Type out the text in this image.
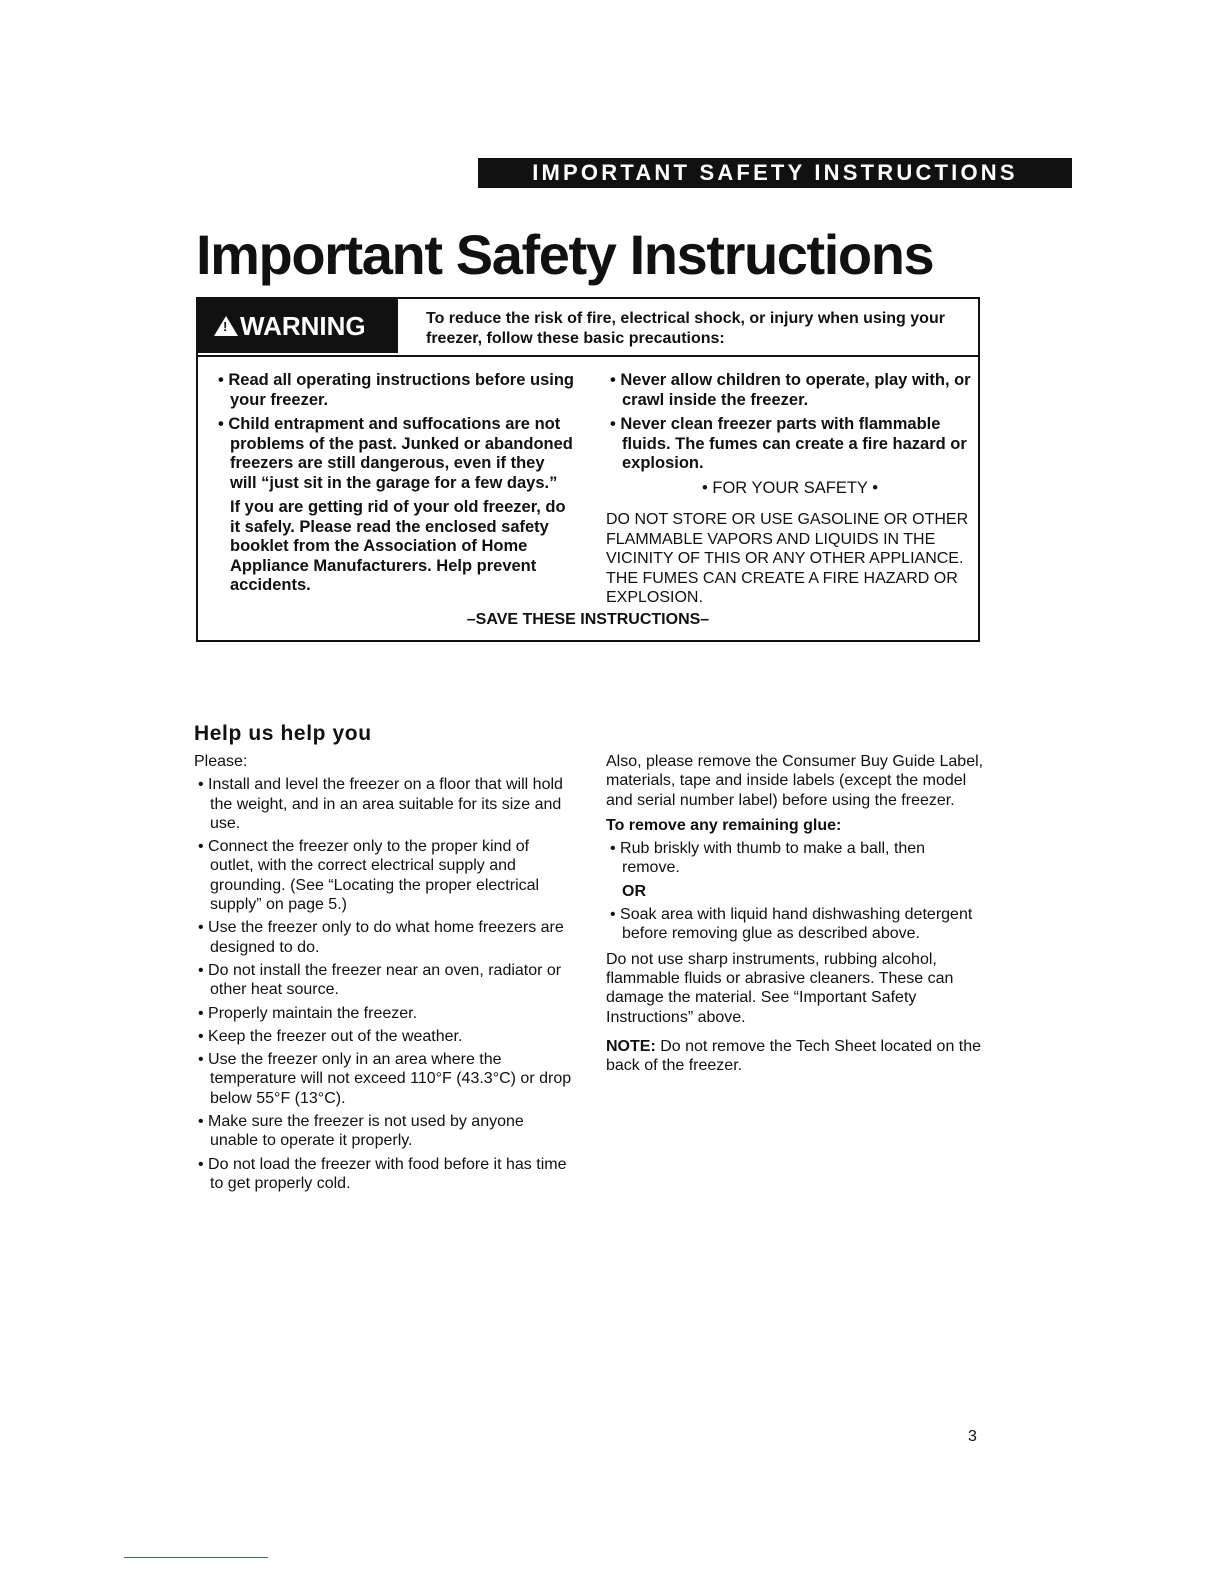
IMPORTANT SAFETY INSTRUCTIONS
Important Safety Instructions
!WARNING	To reduce the risk of fire, electrical shock, or injury when using your freezer, follow these basic precautions:

• Read all operating instructions before using your freezer.

• Child entrapment and suffocations are not problems of the past. Junked or abandoned freezers are still dangerous, even if they will “just sit in the garage for a few days.”

If you are getting rid of your old freezer, do it safely. Please read the enclosed safety booklet from the Association of Home Appliance Manufacturers. Help prevent accidents.

• Never allow children to operate, play with, or crawl inside the freezer.

• Never clean freezer parts with flammable fluids. The fumes can create a fire hazard or explosion.

• FOR YOUR SAFETY •

DO NOT STORE OR USE GASOLINE OR OTHER FLAMMABLE VAPORS AND LIQUIDS IN THE VICINITY OF THIS OR ANY OTHER APPLIANCE. THE FUMES CAN CREATE A FIRE HAZARD OR EXPLOSION.

–SAVE THESE INSTRUCTIONS–
Help us help you

Please:

• Install and level the freezer on a floor that will hold the weight, and in an area suitable for its size and use.

• Connect the freezer only to the proper kind of outlet, with the correct electrical supply and grounding. (See “Locating the proper electrical supply” on page 5.)

• Use the freezer only to do what home freezers are designed to do.

• Do not install the freezer near an oven, radiator or other heat source.

• Properly maintain the freezer.

• Keep the freezer out of the weather.

• Use the freezer only in an area where the temperature will not exceed 110°F (43.3°C) or drop below 55°F (13°C).

• Make sure the freezer is not used by anyone unable to operate it properly.

• Do not load the freezer with food before it has time to get properly cold.

Also, please remove the Consumer Buy Guide Label, materials, tape and inside labels (except the model and serial number label) before using the freezer.

To remove any remaining glue:

• Rub briskly with thumb to make a ball, then remove.

OR

• Soak area with liquid hand dishwashing detergent before removing glue as described above.

Do not use sharp instruments, rubbing alcohol, flammable fluids or abrasive cleaners. These can damage the material. See “Important Safety Instructions” above.

NOTE: Do not remove the Tech Sheet located on the back of the freezer.

3
